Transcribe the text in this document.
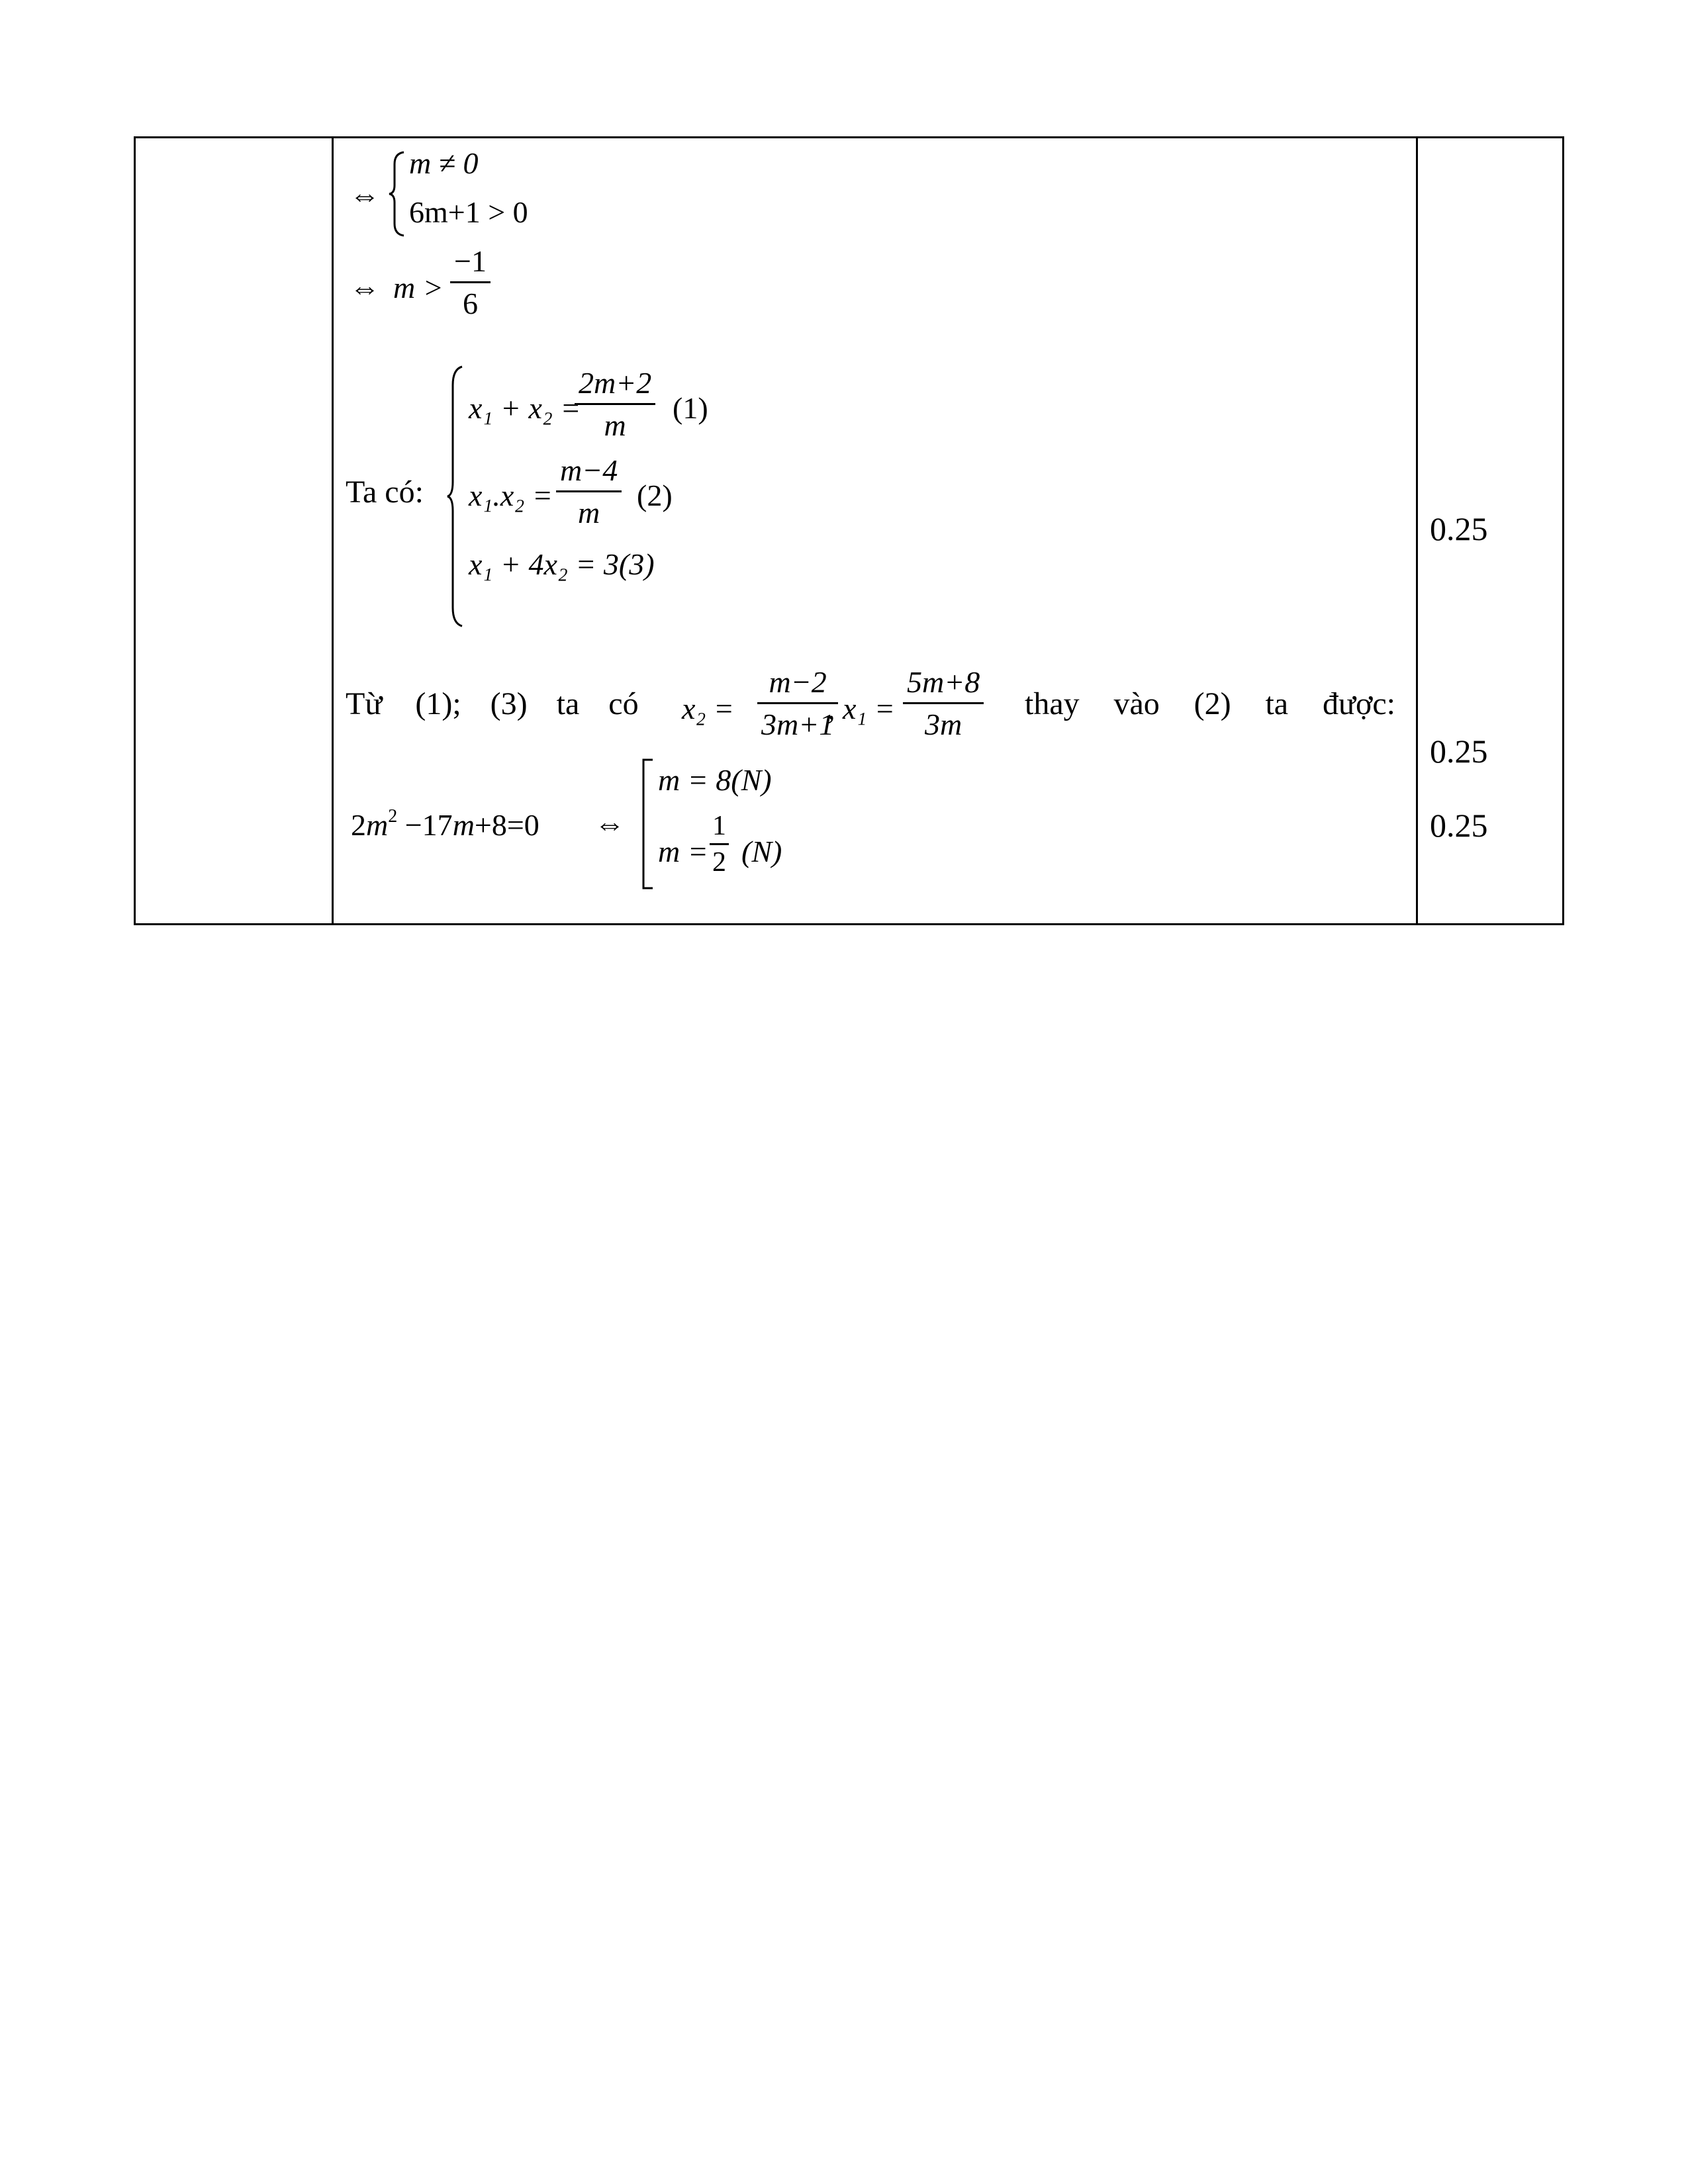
⇔
m ≠ 0
6m+1 > 0
⇔ $m > \frac{-1}{6}$
Ta có:
x₁ + x₂ =
$\frac{2m+2}{m} (1)$
$x_1.x_2 = \frac{m-4}{m} (2)$
x₁ + 4x₂ = 3(3)
Từ (1); (3) ta có $x_2 = \frac{m-2}{3m+1}$
, $x_1 = \frac{5m+8}{3m}$ thay vào (2) ta được:
$2m^2 -17m+8=0$ ⇔
m = 8(N)
$m = \frac{1}{2} (N)$
0.25
0.25
0.25
